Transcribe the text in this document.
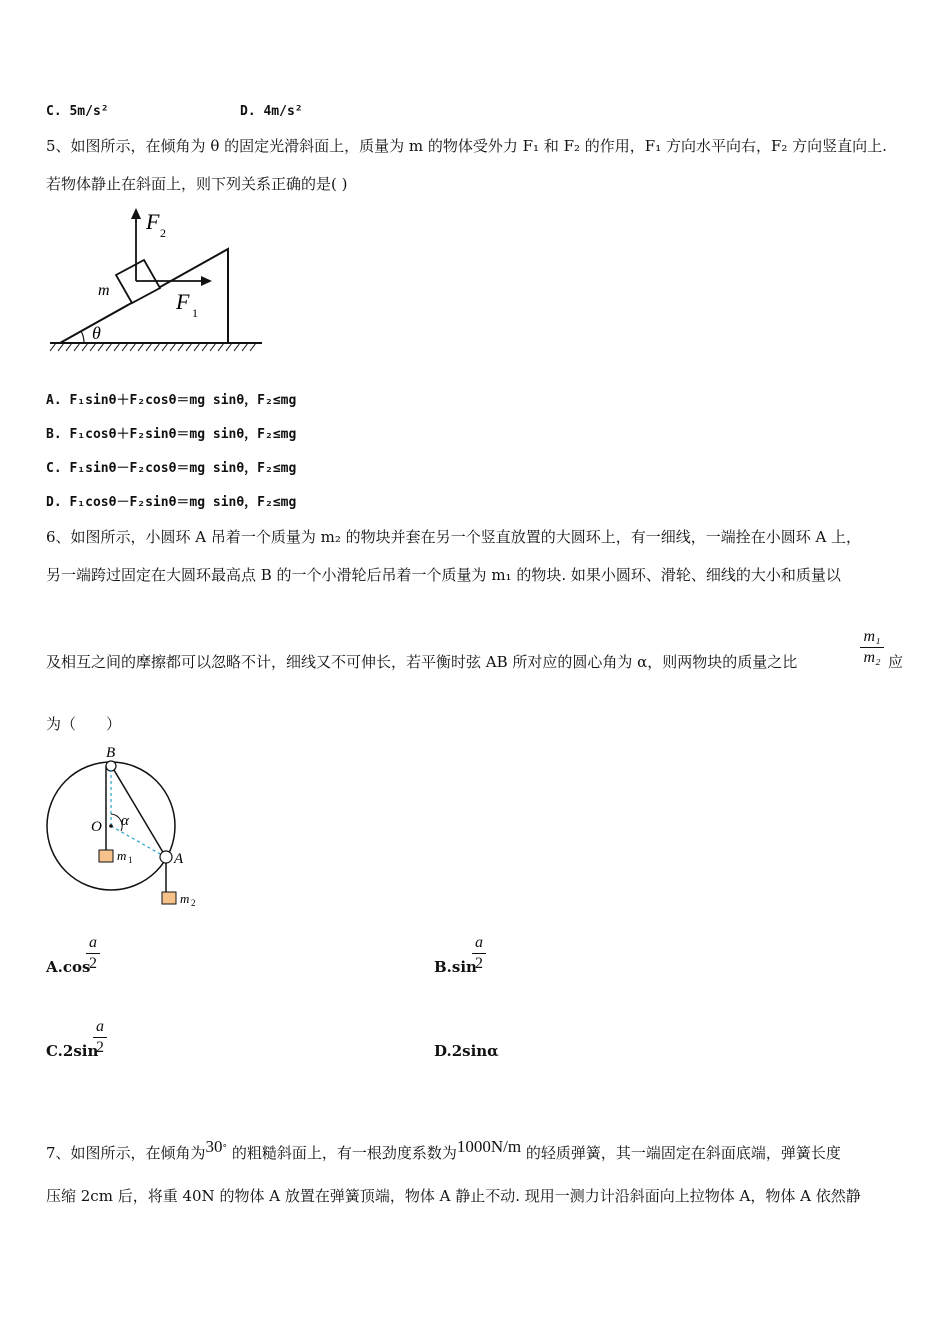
C. 5m/s²	D. 4m/s²
5、如图所示，在倾角为 θ 的固定光滑斜面上，质量为 m 的物体受外力 F₁ 和 F₂ 的作用，F₁ 方向水平向右，F₂ 方向竖直向上.
若物体静止在斜面上，则下列关系正确的是( )
F 2
F 1
m
θ
A. F₁sinθ＋F₂cosθ＝mg sinθ，F₂≤mg
B. F₁cosθ＋F₂sinθ＝mg sinθ，F₂≤mg
C. F₁sinθ－F₂cosθ＝mg sinθ，F₂≤mg
D. F₁cosθ－F₂sinθ＝mg sinθ，F₂≤mg
6、如图所示，小圆环 A 吊着一个质量为 m₂ 的物块并套在另一个竖直放置的大圆环上，有一细线，一端拴在小圆环 A 上，
另一端跨过固定在大圆环最高点 B 的一个小滑轮后吊着一个质量为 m₁ 的物块. 如果小圆环、滑轮、细线的大小和质量以
及相互之间的摩擦都可以忽略不计，细线又不可伸长，若平衡时弦 AB 所对应的圆心角为 α，则两物块的质量之比
m₁
m₂ 应
为（　　）
B
O α
A
m 1
m 2
A.cos
a
2	B.sin
a
2
C.2sin
a
2	D.2sinα
7、如图所示，在倾角为30° 的粗糙斜面上，有一根劲度系数为1000N/m 的轻质弹簧，其一端固定在斜面底端，弹簧长度
压缩 2cm 后，将重 40N 的物体 A 放置在弹簧顶端，物体 A 静止不动. 现用一测力计沿斜面向上拉物体 A，物体 A 依然静
